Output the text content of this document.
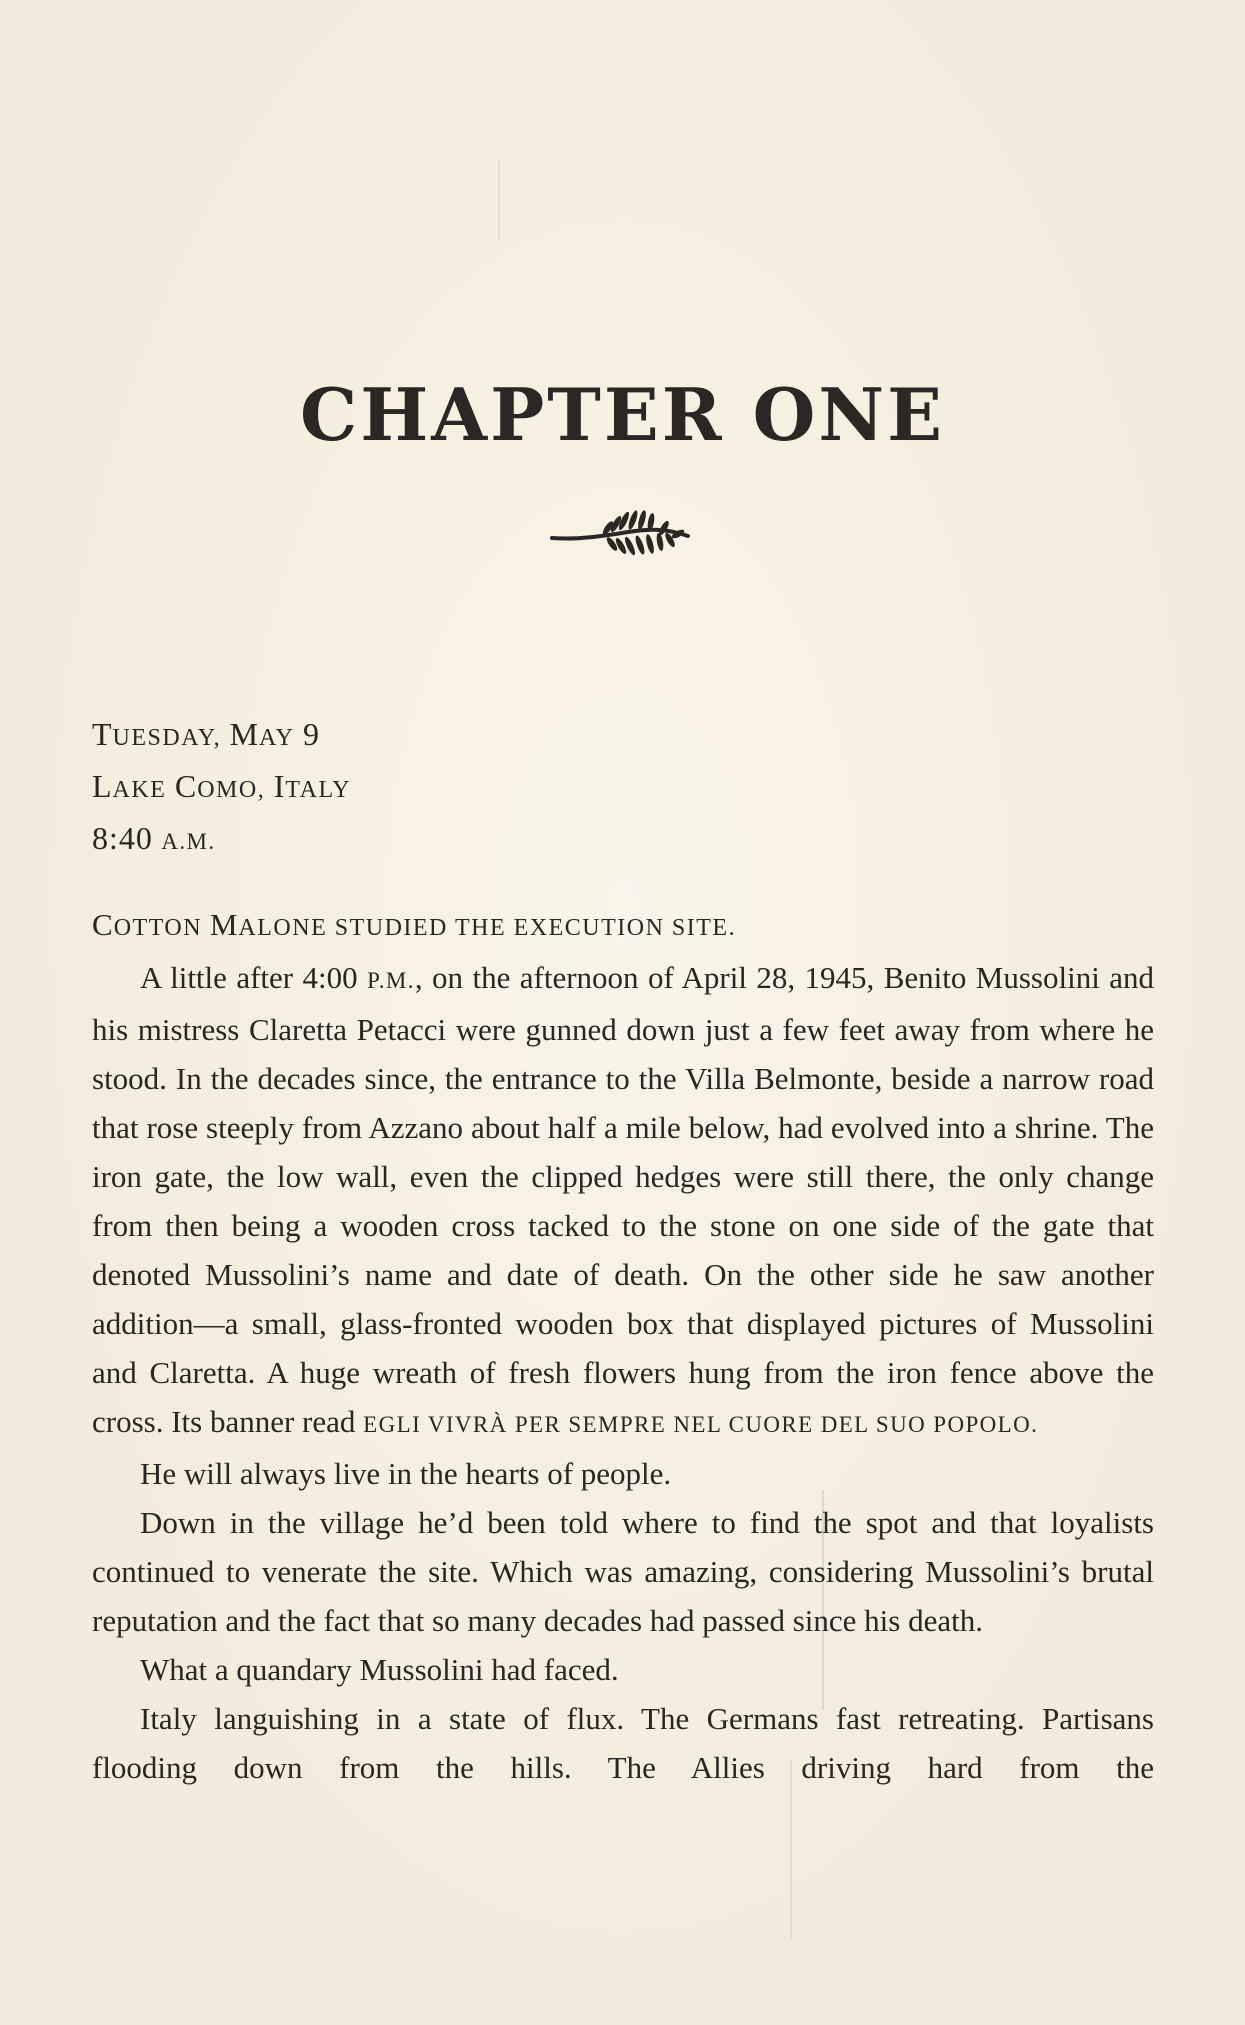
CHAPTER ONE
TUESDAY, MAY 9
LAKE COMO, ITALY
8:40 A.M.

COTTON MALONE STUDIED THE EXECUTION SITE.

A little after 4:00 P.M., on the afternoon of April 28, 1945, Benito Mussolini and his mistress Claretta Petacci were gunned down just a few feet away from where he stood. In the decades since, the entrance to the Villa Belmonte, beside a narrow road that rose steeply from Azzano about half a mile below, had evolved into a shrine. The iron gate, the low wall, even the clipped hedges were still there, the only change from then being a wooden cross tacked to the stone on one side of the gate that denoted Mussolini’s name and date of death. On the other side he saw another addition—a small, glass-fronted wooden box that displayed pictures of Mussolini and Claretta. A huge wreath of fresh flowers hung from the iron fence above the cross. Its banner read EGLI VIVRÀ PER SEMPRE NEL CUORE DEL SUO POPOLO.

He will always live in the hearts of people.

Down in the village he’d been told where to find the spot and that loyalists continued to venerate the site. Which was amazing, considering Mussolini’s brutal reputation and the fact that so many decades had passed since his death.

What a quandary Mussolini had faced.

Italy languishing in a state of flux. The Germans fast retreating. Partisans flooding down from the hills. The Allies driving hard from the
